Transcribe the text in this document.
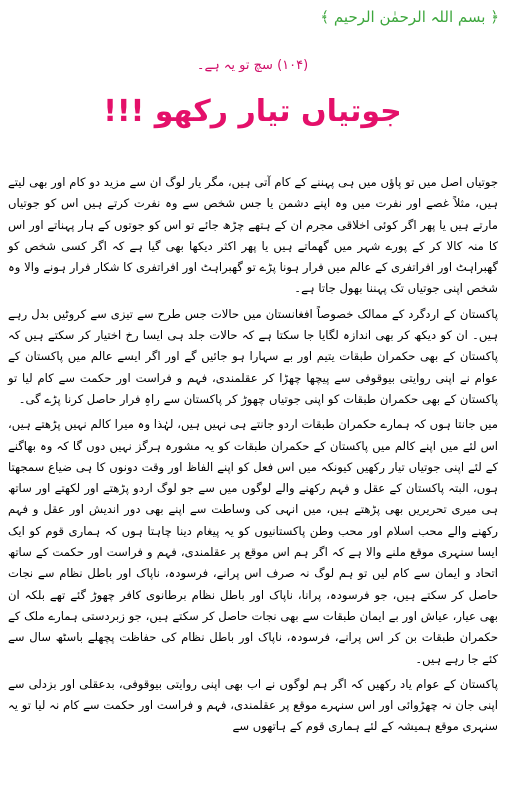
﴿ بسم اللہ الرحمٰن الرحیم ﴾
(۱۰۴) سچ تو یہ ہے۔
جوتیاں تیار رکھو !!!

جوتیاں اصل میں تو پاؤں میں ہی پہننے کے کام آتی ہیں، مگر یار لوگ ان سے مزید دو کام اور بھی لیتے ہیں، مثلاً غصے اور نفرت میں وہ اپنے دشمن یا جس شخص سے وہ نفرت کرتے ہیں اس کو جوتیاں مارتے ہیں یا پھر اگر کوئی اخلاقی مجرم ان کے ہتھے چڑھ جائے تو اس کو جوتوں کے ہار پہناتے اور اس کا منہ کالا کر کے پورے شہر میں گھماتے ہیں یا پھر اکثر دیکھا بھی گیا ہے کہ اگر کسی شخص کو گھبراہٹ اور افراتفری کے عالم میں فرار ہونا پڑے تو گھبراہٹ اور افراتفری کا شکار فرار ہونے والا وہ شخص اپنی جوتیاں تک پہننا بھول جاتا ہے۔

پاکستان کے اردگرد کے ممالک خصوصاً افغانستان میں حالات جس طرح سے تیزی سے کروٹیں بدل رہے ہیں۔ ان کو دیکھ کر بھی اندازہ لگایا جا سکتا ہے کہ حالات جلد ہی ایسا رخ اختیار کر سکتے ہیں کہ پاکستان کے بھی حکمران طبقات یتیم اور بے سہارا ہو جائیں گے اور اگر ایسے عالم میں پاکستان کے عوام نے اپنی روایتی بیوقوفی سے پیچھا چھڑا کر عقلمندی، فہم و فراست اور حکمت سے کام لیا تو پاکستان کے بھی حکمران طبقات کو اپنی جوتیاں چھوڑ کر پاکستان سے راہِ فرار حاصل کرنا پڑے گی۔

میں جانتا ہوں کہ ہمارے حکمران طبقات اردو جانتے ہی نہیں ہیں، لہٰذا وہ میرا کالم نہیں پڑھتے ہیں، اس لئے میں اپنے کالم میں پاکستان کے حکمران طبقات کو یہ مشورہ ہرگز نہیں دوں گا کہ وہ بھاگنے کے لئے اپنی جوتیاں تیار رکھیں کیونکہ میں اس فعل کو اپنے الفاظ اور وقت دونوں کا ہی ضیاع سمجھتا ہوں، البتہ پاکستان کے عقل و فہم رکھنے والے لوگوں میں سے جو لوگ اردو پڑھتے اور لکھتے اور ساتھ ہی میری تحریریں بھی پڑھتے ہیں، میں انہی کی وساطت سے اپنے بھی دور اندیش اور عقل و فہم رکھنے والے محب اسلام اور محب وطن پاکستانیوں کو یہ پیغام دینا چاہتا ہوں کہ ہماری قوم کو ایک ایسا سنہری موقع ملنے والا ہے کہ اگر ہم اس موقع پر عقلمندی، فہم و فراست اور حکمت کے ساتھ اتحاد و ایمان سے کام لیں تو ہم لوگ نہ صرف اس پرانے، فرسودہ، ناپاک اور باطل نظام سے نجات حاصل کر سکتے ہیں، جو فرسودہ، پرانا، ناپاک اور باطل نظام برطانوی کافر چھوڑ گئے تھے بلکہ ان بھی عیار، عیاش اور بے ایمان طبقات سے بھی نجات حاصل کر سکتے ہیں، جو زبردستی ہمارے ملک کے حکمران طبقات بن کر اس پرانے، فرسودہ، ناپاک اور باطل نظام کی حفاظت پچھلے باسٹھ سال سے کئے جا رہے ہیں۔

پاکستان کے عوام یاد رکھیں کہ اگر ہم لوگوں نے اب بھی اپنی روایتی بیوقوفی، بدعقلی اور بزدلی سے اپنی جان نہ چھڑوائی اور اس سنہرے موقع پر عقلمندی، فہم و فراست اور حکمت سے کام نہ لیا تو یہ سنہری موقع ہمیشہ کے لئے ہماری قوم کے ہاتھوں سے
